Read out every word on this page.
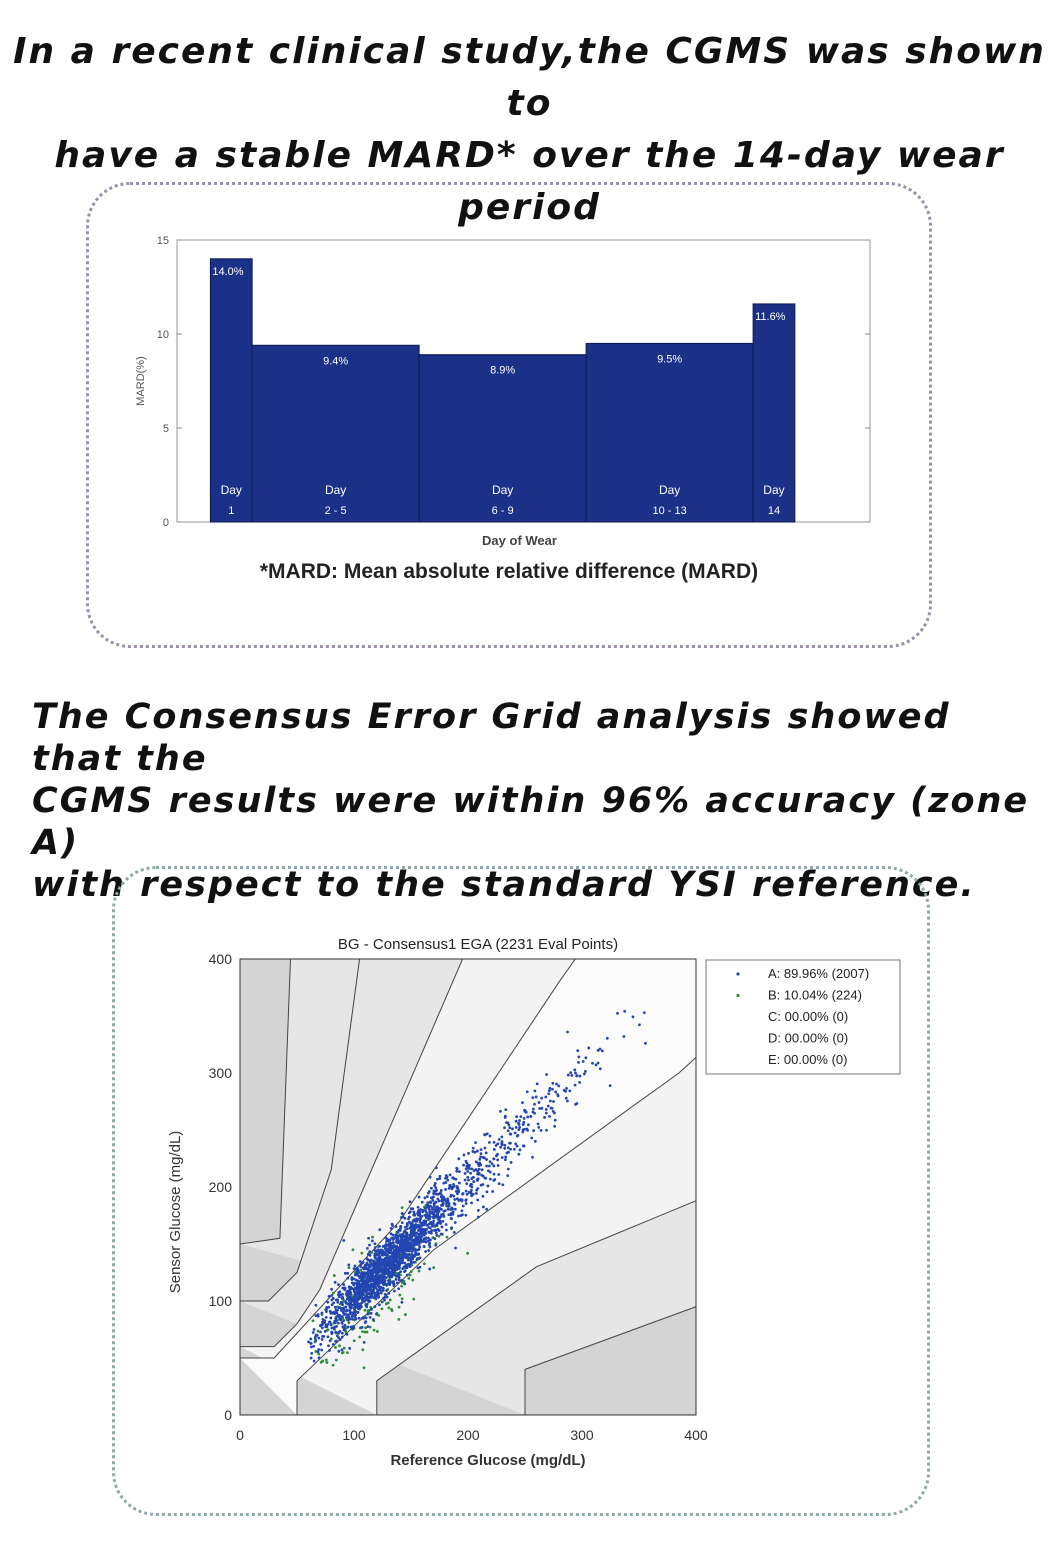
In a recent clinical study,the CGMS was shown to
have a stable MARD* over the 14-day wear period
0
5
10
15
MARD(%)
Day of Wear
14.0%
Day
1
9.4%
Day
2 - 5
8.9%
Day
6 - 9
9.5%
Day
10 - 13
11.6%
Day
14
*MARD: Mean absolute relative difference (MARD)
The Consensus Error Grid analysis showed that the
CGMS results were within 96% accuracy (zone A)
with respect to the standard YSI reference.
0	100	200	300	400
0
100
200
300
400
BG - Consensus1 EGA (2231 Eval Points)
Reference Glucose (mg/dL)
Sensor Glucose (mg/dL)
A: 89.96% (2007)
B: 10.04% (224)
C: 00.00% (0)
D: 00.00% (0)
E: 00.00% (0)
